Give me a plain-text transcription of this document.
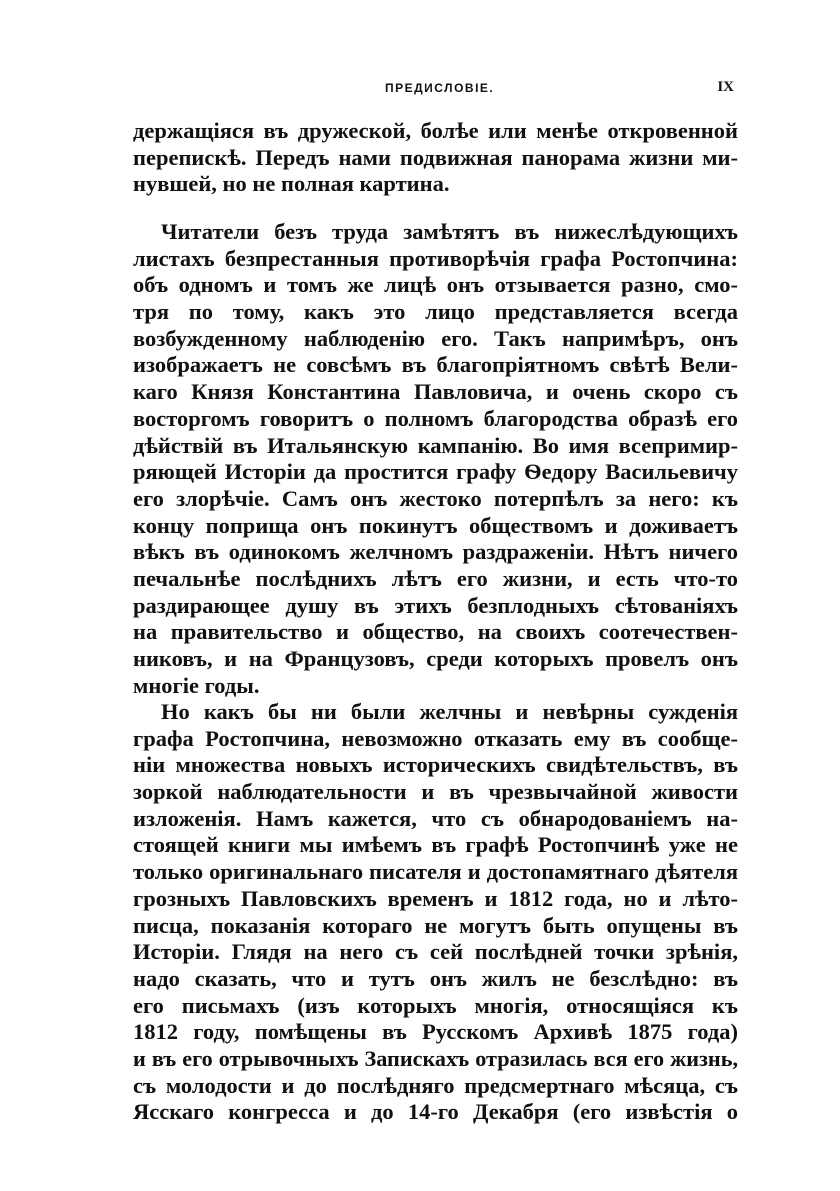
ПРЕДИСЛОВІЕ.	IX
держащіяся въ дружеской, болѣе или менѣе откровенной
перепискѣ. Передъ нами подвижная панорама жизни ми-
нувшей, но не полная картина.
Читатели безъ труда замѣтятъ въ нижеслѣдующихъ
листахъ безпрестанныя противорѣчія графа Ростопчина:
объ одномъ и томъ же лицѣ онъ отзывается разно, смо-
тря по тому, какъ это лицо представляется всегда
возбужденному наблюденію его. Такъ напримѣръ, онъ
изображаетъ не совсѣмъ въ благопріятномъ свѣтѣ Вели-
каго Князя Константина Павловича, и очень скоро съ
восторгомъ говоритъ о полномъ благородства образѣ его
дѣйствій въ Итальянскую кампанію. Во имя всепримир-
ряющей Исторіи да простится графу Ѳедору Васильевичу
его злорѣчіе. Самъ онъ жестоко потерпѣлъ за него: къ
концу поприща онъ покинутъ обществомъ и доживаетъ
вѣкъ въ одинокомъ желчномъ раздраженіи. Нѣтъ ничего
печальнѣе послѣднихъ лѣтъ его жизни, и есть что-то
раздирающее душу въ этихъ безплодныхъ сѣтованіяхъ
на правительство и общество, на своихъ соотечествен-
никовъ, и на Французовъ, среди которыхъ провелъ онъ
многіе годы.
Но какъ бы ни были желчны и невѣрны сужденія
графа Ростопчина, невозможно отказать ему въ сообще-
ніи множества новыхъ историческихъ свидѣтельствъ, въ
зоркой наблюдательности и въ чрезвычайной живости
изложенія. Намъ кажется, что съ обнародованіемъ на-
стоящей книги мы имѣемъ въ графѣ Ростопчинѣ уже не
только оригинальнаго писателя и достопамятнаго дѣятеля
грозныхъ Павловскихъ временъ и 1812 года, но и лѣто-
писца, показанія котораго не могутъ быть опущены въ
Исторіи. Глядя на него съ сей послѣдней точки зрѣнія,
надо сказать, что и тутъ онъ жилъ не безслѣдно: въ
его письмахъ (изъ которыхъ многія, относящіяся къ
1812 году, помѣщены въ Русскомъ Архивѣ 1875 года)
и въ его отрывочныхъ Запискахъ отразилась вся его жизнь,
съ молодости и до послѣдняго предсмертнаго мѣсяца, съ
Ясскаго конгресса и до 14-го Декабря (его извѣстія о
